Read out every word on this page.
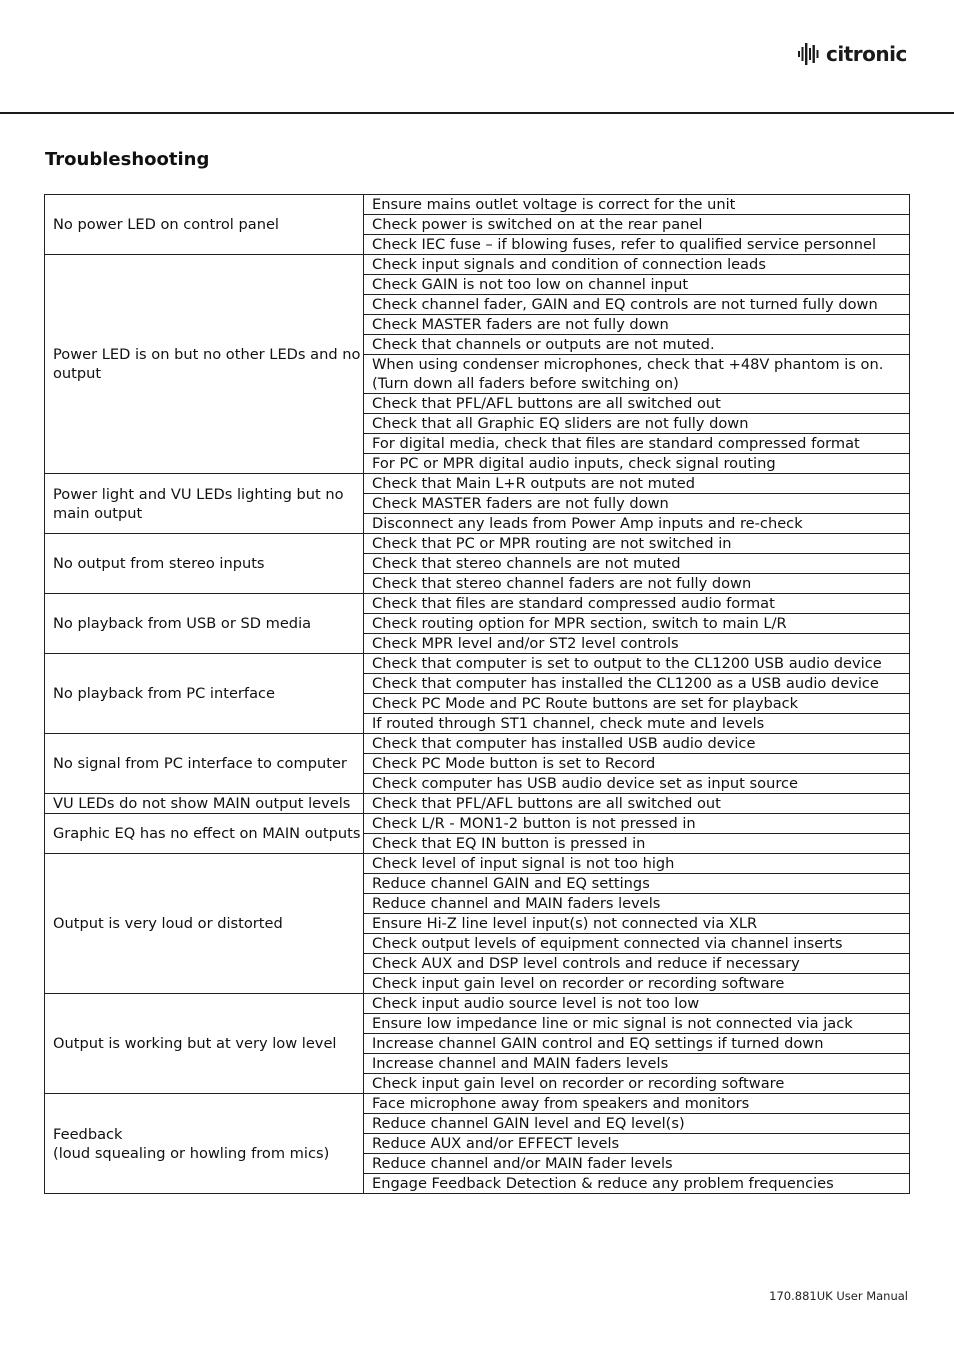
citronic
Troubleshooting
No power LED on control panel	Ensure mains outlet voltage is correct for the unit
	Check power is switched on at the rear panel
	Check IEC fuse – if blowing fuses, refer to qualified service personnel
Power LED is on but no other LEDs and no output	Check input signals and condition of connection leads
	Check GAIN is not too low on channel input
	Check channel fader, GAIN and EQ controls are not turned fully down
	Check MASTER faders are not fully down
	Check that channels or outputs are not muted.
	When using condenser microphones, check that +48V phantom is on.
(Turn down all faders before switching on)
	Check that PFL/AFL buttons are all switched out
	Check that all Graphic EQ sliders are not fully down
	For digital media, check that files are standard compressed format
	For PC or MPR digital audio inputs, check signal routing
Power light and VU LEDs lighting but no main output	Check that Main L+R outputs are not muted
	Check MASTER faders are not fully down
	Disconnect any leads from Power Amp inputs and re-check
No output from stereo inputs	Check that PC or MPR routing are not switched in
	Check that stereo channels are not muted
	Check that stereo channel faders are not fully down
No playback from USB or SD media	Check that files are standard compressed audio format
	Check routing option for MPR section, switch to main L/R
	Check MPR level and/or ST2 level controls
No playback from PC interface	Check that computer is set to output to the CL1200 USB audio device
	Check that computer has installed the CL1200 as a USB audio device
	Check PC Mode and PC Route buttons are set for playback
	If routed through ST1 channel, check mute and levels
No signal from PC interface to computer	Check that computer has installed USB audio device
	Check PC Mode button is set to Record
	Check computer has USB audio device set as input source
VU LEDs do not show MAIN output levels	Check that PFL/AFL buttons are all switched out
Graphic EQ has no effect on MAIN outputs	Check L/R - MON1-2 button is not pressed in
	Check that EQ IN button is pressed in
Output is very loud or distorted	Check level of input signal is not too high
	Reduce channel GAIN and EQ settings
	Reduce channel and MAIN faders levels
	Ensure Hi-Z line level input(s) not connected via XLR
	Check output levels of equipment connected via channel inserts
	Check AUX and DSP level controls and reduce if necessary
	Check input gain level on recorder or recording software
Output is working but at very low level	Check input audio source level is not too low
	Ensure low impedance line or mic signal is not connected via jack
	Increase channel GAIN control and EQ settings if turned down
	Increase channel and MAIN faders levels
	Check input gain level on recorder or recording software
Feedback
(loud squealing or howling from mics)	Face microphone away from speakers and monitors
	Reduce channel GAIN level and EQ level(s)
	Reduce AUX and/or EFFECT levels
	Reduce channel and/or MAIN fader levels
	Engage Feedback Detection & reduce any problem frequencies
170.881UK User Manual
